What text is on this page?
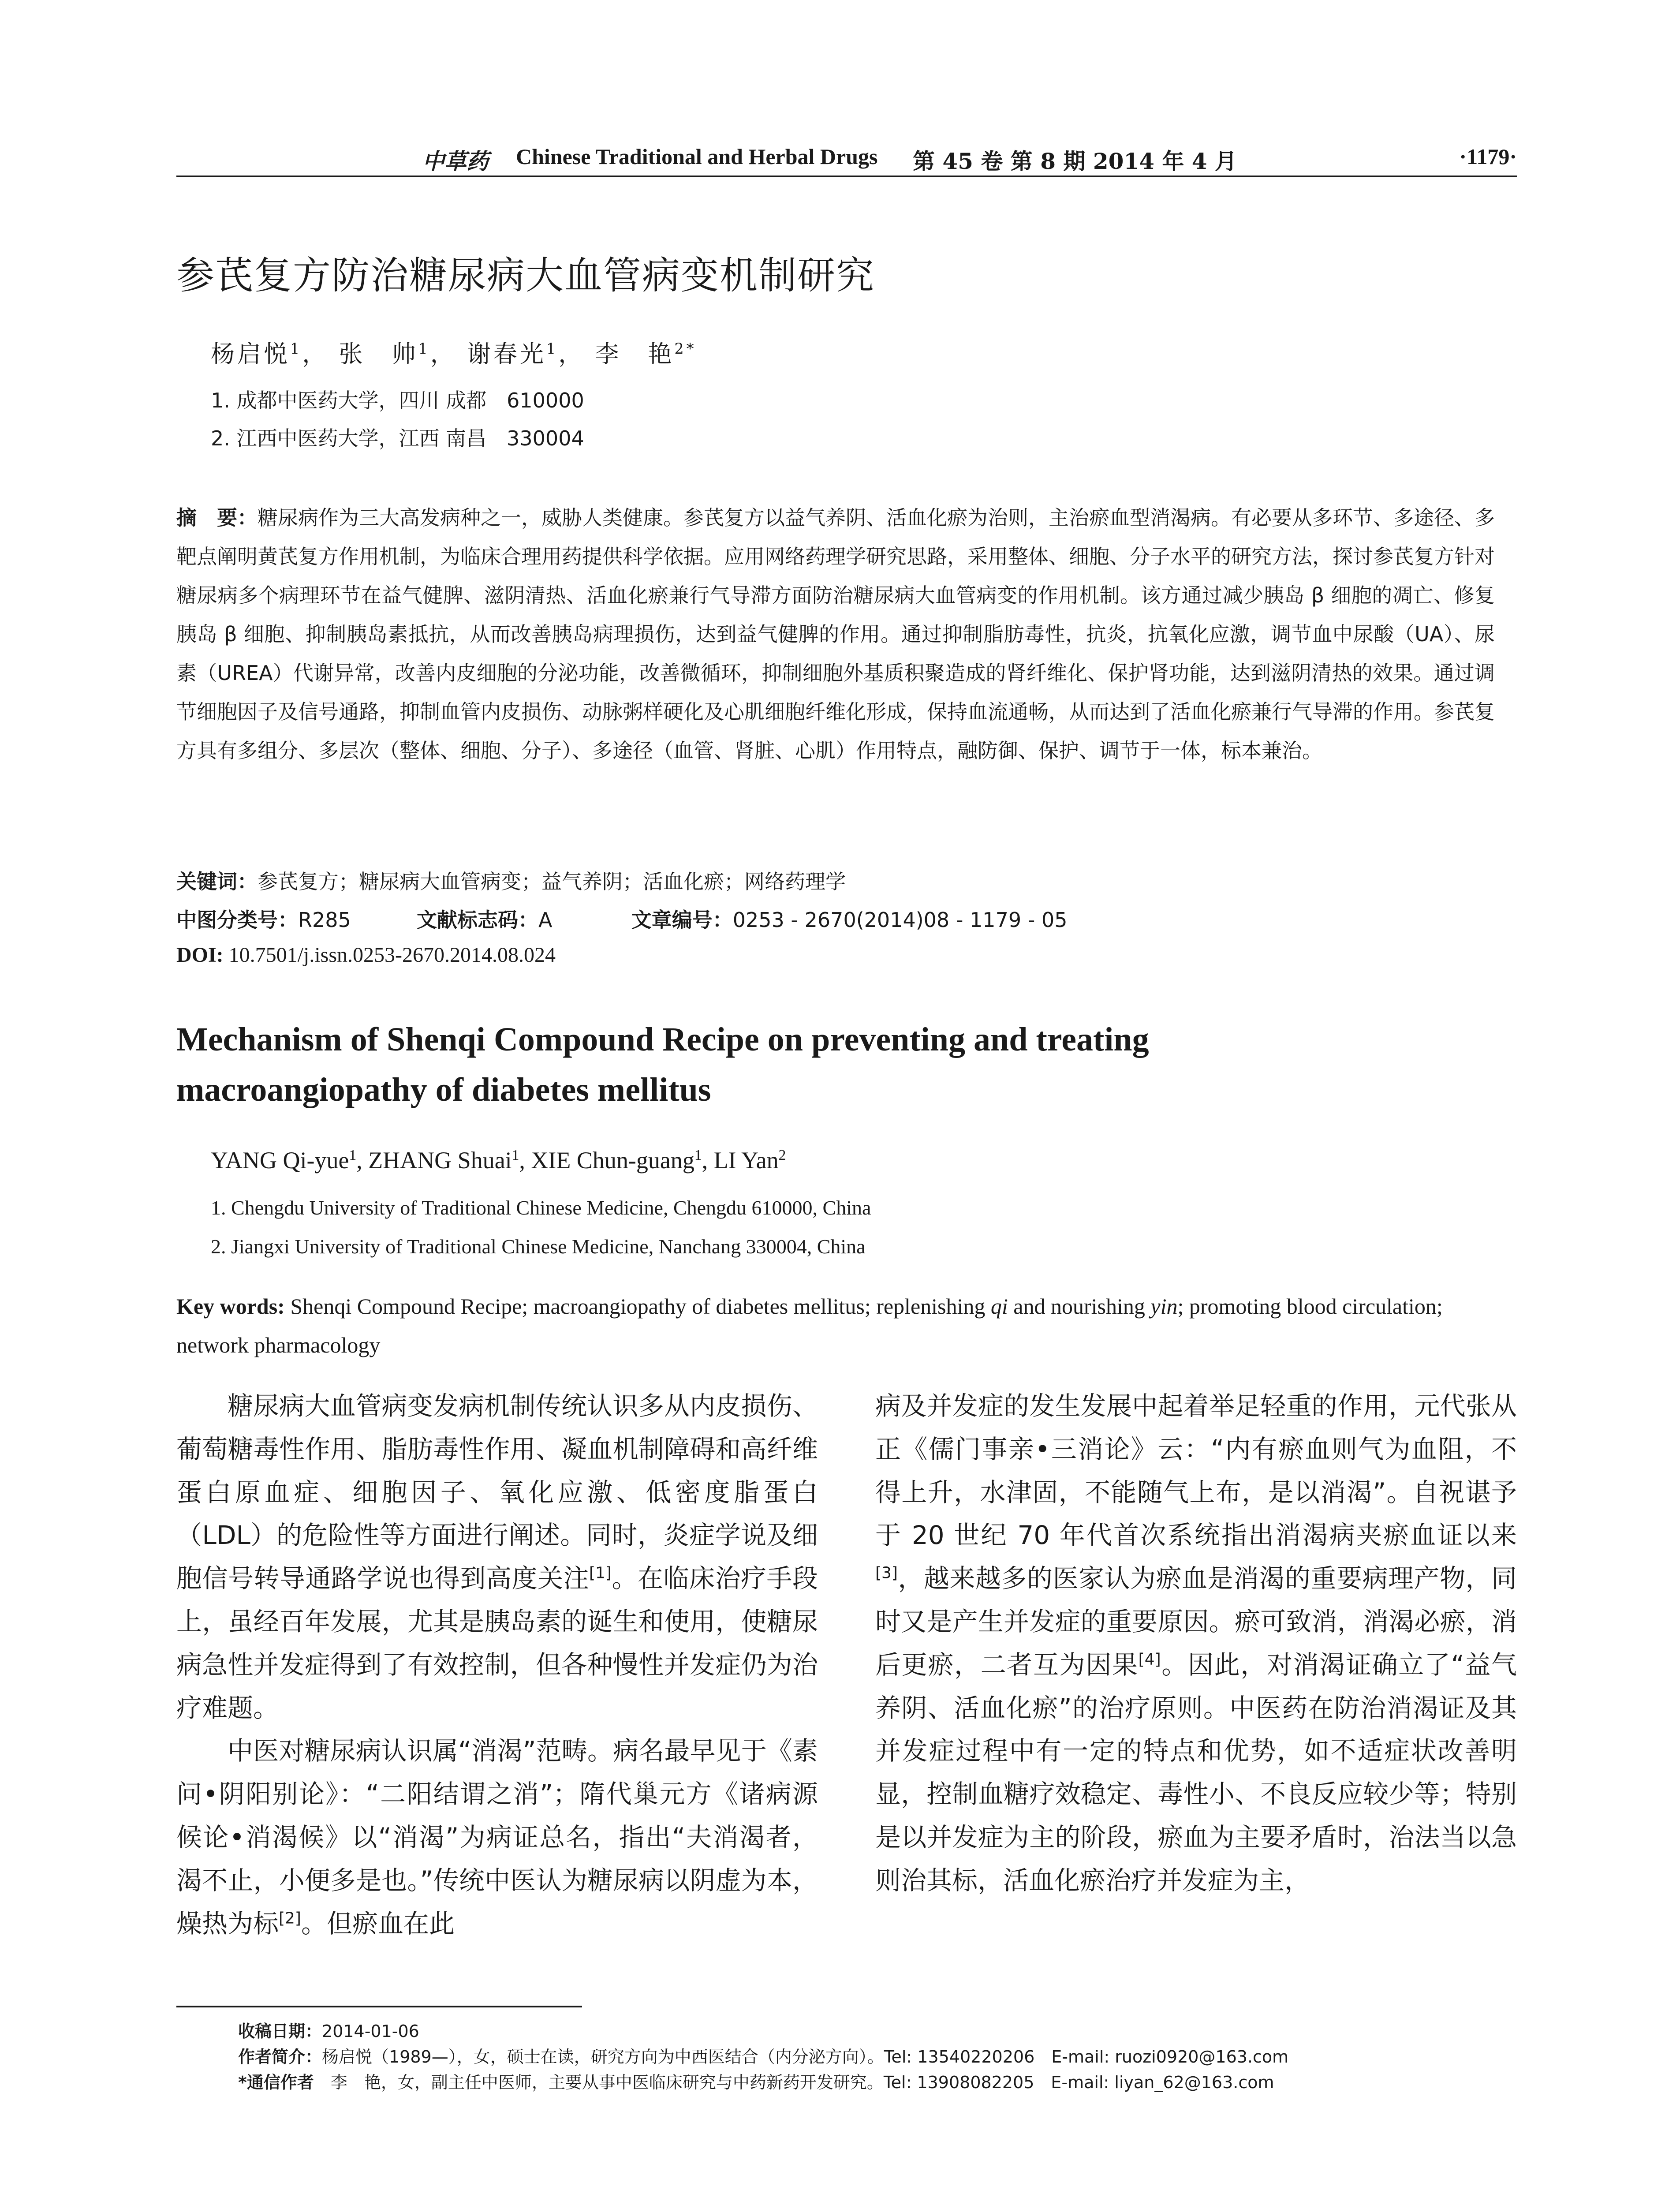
中草药 Chinese Traditional and Herbal Drugs 第 45 卷 第 8 期 2014 年 4 月	·1179·
参芪复方防治糖尿病大血管病变机制研究
杨启悦$^1$， 张　帅$^1$， 谢春光$^1$， 李　艳$^{2*}$
1. 成都中医药大学，四川 成都　610000
2. 江西中医药大学，江西 南昌　330004
摘　要：糖尿病作为三大高发病种之一，威胁人类健康。参芪复方以益气养阴、活血化瘀为治则，主治瘀血型消渴病。有必要从多环节、多途径、多靶点阐明黄芪复方作用机制，为临床合理用药提供科学依据。应用网络药理学研究思路，采用整体、细胞、分子水平的研究方法，探讨参芪复方针对糖尿病多个病理环节在益气健脾、滋阴清热、活血化瘀兼行气导滞方面防治糖尿病大血管病变的作用机制。该方通过减少胰岛 β 细胞的凋亡、修复胰岛 β 细胞、抑制胰岛素抵抗，从而改善胰岛病理损伤，达到益气健脾的作用。通过抑制脂肪毒性，抗炎，抗氧化应激，调节血中尿酸（UA）、尿素（UREA）代谢异常，改善内皮细胞的分泌功能，改善微循环，抑制细胞外基质积聚造成的肾纤维化、保护肾功能，达到滋阴清热的效果。通过调节细胞因子及信号通路，抑制血管内皮损伤、动脉粥样硬化及心肌细胞纤维化形成，保持血流通畅，从而达到了活血化瘀兼行气导滞的作用。参芪复方具有多组分、多层次（整体、细胞、分子）、多途径（血管、肾脏、心肌）作用特点，融防御、保护、调节于一体，标本兼治。
关键词：参芪复方；糖尿病大血管病变；益气养阴；活血化瘀；网络药理学
中图分类号：R285	文献标志码：A	文章编号：0253 - 2670(2014)08 - 1179 - 05
DOI: 10.7501/j.issn.0253-2670.2014.08.024
Mechanism of Shenqi Compound Recipe on preventing and treating
macroangiopathy of diabetes mellitus
YANG Qi-yue$^1$, ZHANG Shuai$^1$, XIE Chun-guang$^1$, LI Yan$^2$
1. Chengdu University of Traditional Chinese Medicine, Chengdu 610000, China
2. Jiangxi University of Traditional Chinese Medicine, Nanchang 330004, China
Key words: Shenqi Compound Recipe; macroangiopathy of diabetes mellitus; replenishing qi and nourishing yin; promoting blood circulation; network pharmacology

糖尿病大血管病变发病机制传统认识多从内皮损伤、葡萄糖毒性作用、脂肪毒性作用、凝血机制障碍和高纤维蛋白原血症、细胞因子、氧化应激、低密度脂蛋白（LDL）的危险性等方面进行阐述。同时，炎症学说及细胞信号转导通路学说也得到高度关注[1]。在临床治疗手段上，虽经百年发展，尤其是胰岛素的诞生和使用，使糖尿病急性并发症得到了有效控制，但各种慢性并发症仍为治疗难题。

中医对糖尿病认识属“消渴”范畴。病名最早见于《素问•阴阳别论》：“二阳结谓之消”；隋代巢元方《诸病源候论•消渴候》以“消渴”为病证总名，指出“夫消渴者，渴不止，小便多是也。”传统中医认为糖尿病以阴虚为本，燥热为标[2]。但瘀血在此

病及并发症的发生发展中起着举足轻重的作用，元代张从正《儒门事亲•三消论》云：“内有瘀血则气为血阻，不得上升，水津固，不能随气上布，是以消渴”。自祝谌予于 20 世纪 70 年代首次系统指出消渴病夹瘀血证以来[3]，越来越多的医家认为瘀血是消渴的重要病理产物，同时又是产生并发症的重要原因。瘀可致消，消渴必瘀，消后更瘀，二者互为因果[4]。因此，对消渴证确立了“益气养阴、活血化瘀”的治疗原则。中医药在防治消渴证及其并发症过程中有一定的特点和优势，如不适症状改善明显，控制血糖疗效稳定、毒性小、不良反应较少等；特别是以并发症为主的阶段，瘀血为主要矛盾时，治法当以急则治其标，活血化瘀治疗并发症为主，

收稿日期：2014-01-06
作者简介：杨启悦（1989—），女，硕士在读，研究方向为中西医结合（内分泌方向）。Tel: 13540220206　E-mail: ruozi0920@163.com
*通信作者　李　艳，女，副主任中医师，主要从事中医临床研究与中药新药开发研究。Tel: 13908082205　E-mail: liyan_62@163.com
